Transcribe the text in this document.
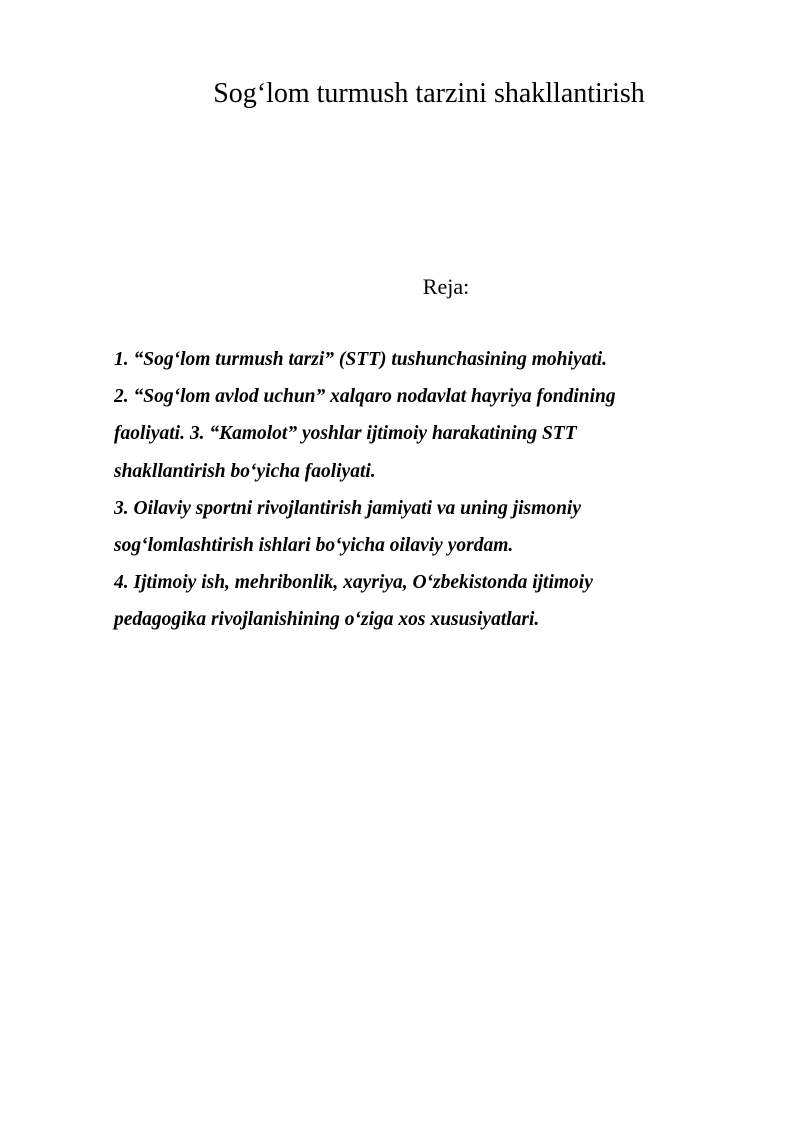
Sog‘lom turmush tarzini shakllantirish
Reja:

1. “Sog‘lom turmush tarzi” (STT) tushunchasining mohiyati.

2. “Sog‘lom avlod uchun” xalqaro nodavlat hayriya fondining

faoliyati. 3. “Kamolot” yoshlar ijtimoiy harakatining STT

shakllantirish bo‘yicha faoliyati.

3. Oilaviy sportni rivojlantirish jamiyati va uning jismoniy

sog‘lomlashtirish ishlari bo‘yicha oilaviy yordam.

4. Ijtimoiy ish, mehribonlik, xayriya, O‘zbekistonda ijtimoiy

pedagogika rivojlanishining o‘ziga xos xususiyatlari.
